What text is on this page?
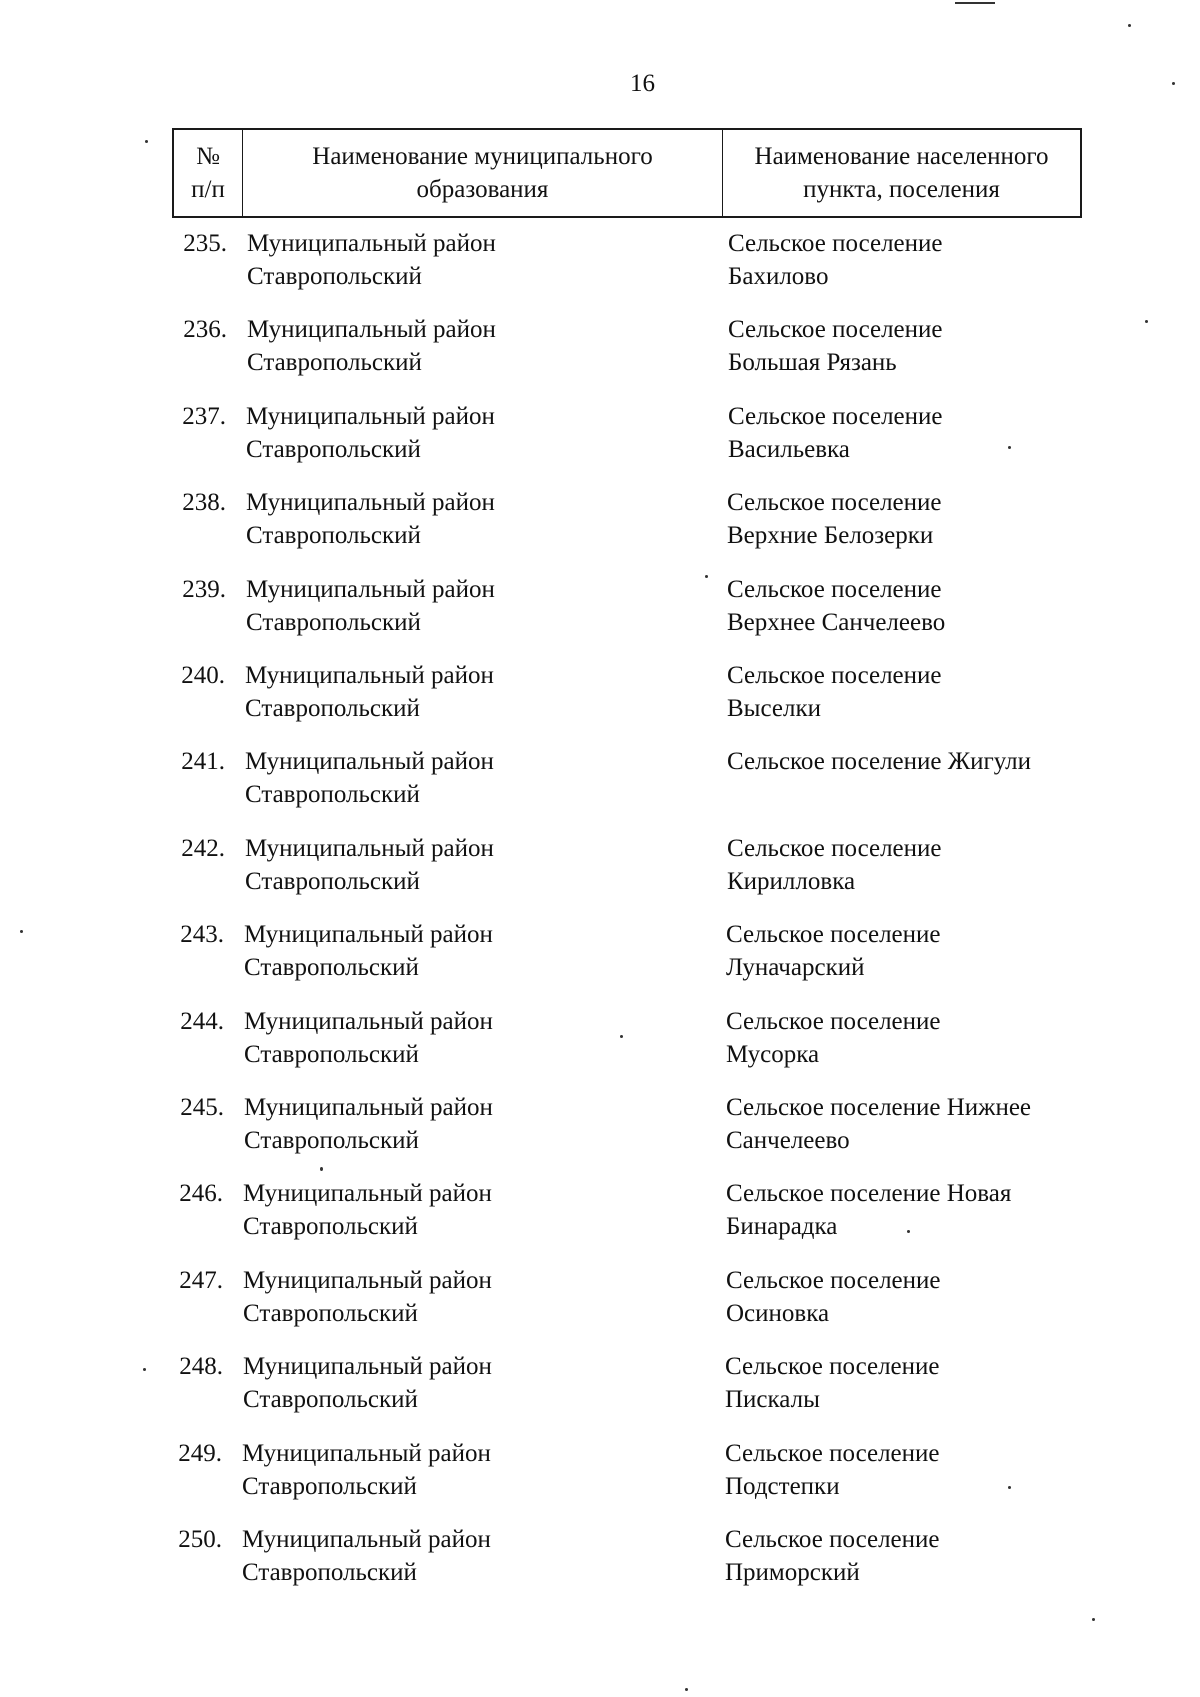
16
№
п/п
Наименование муниципального
образования
Наименование населенного
пункта, поселения
235. Муниципальный район
Ставропольский
Сельское поселение
Бахилово
236. Муниципальный район
Ставропольский
Сельское поселение
Большая Рязань
237. Муниципальный район
Ставропольский
Сельское поселение
Васильевка
238. Муниципальный район
Ставропольский
Сельское поселение
Верхние Белозерки
239. Муниципальный район
Ставропольский
Сельское поселение
Верхнее Санчелеево
240. Муниципальный район
Ставропольский
Сельское поселение
Выселки
241. Муниципальный район
Ставропольский
Сельское поселение Жигули
242. Муниципальный район
Ставропольский
Сельское поселение
Кирилловка
243. Муниципальный район
Ставропольский
Сельское поселение
Луначарский
244. Муниципальный район
Ставропольский
Сельское поселение
Мусорка
245. Муниципальный район
Ставропольский
Сельское поселение Нижнее
Санчелеево
246. Муниципальный район
Ставропольский
Сельское поселение Новая
Бинарадка
247. Муниципальный район
Ставропольский
Сельское поселение
Осиновка
248. Муниципальный район
Ставропольский
Сельское поселение
Пискалы
249. Муниципальный район
Ставропольский
Сельское поселение
Подстепки
250. Муниципальный район
Ставропольский
Сельское поселение
Приморский
